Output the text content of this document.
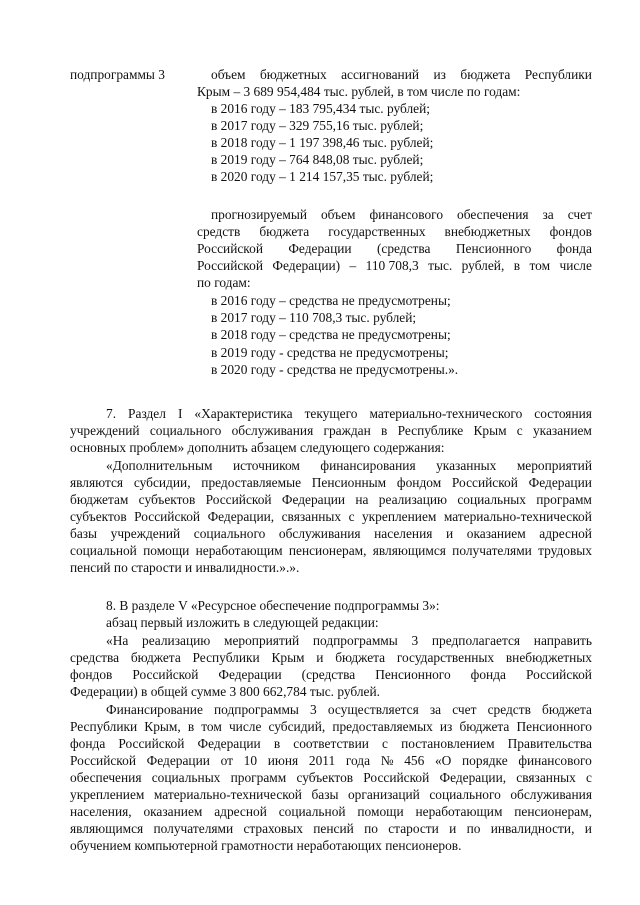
подпрограммы 3	объем бюджетных ассигнований из бюджета Республики

Крым – 3 689 954,484 тыс. рублей, в том числе по годам:

в 2016 году – 183 795,434 тыс. рублей;

в 2017 году – 329 755,16 тыс. рублей;

в 2018 году – 1 197 398,46 тыс. рублей;

в 2019 году – 764 848,08 тыс. рублей;

в 2020 году – 1 214 157,35 тыс. рублей;

прогнозируемый объем финансового обеспечения за счет
средств бюджета государственных внебюджетных фондов
Российской Федерации (средства Пенсионного фонда
Российской Федерации) – 110 708,3 тыс. рублей, в том числе

по годам:

в 2016 году – средства не предусмотрены;

в 2017 году – 110 708,3 тыс. рублей;

в 2018 году – средства не предусмотрены;

в 2019 году - средства не предусмотрены;

в 2020 году - средства не предусмотрены.».

7. Раздел I «Характеристика текущего материально-технического состояния
учреждений социального обслуживания граждан в Республике Крым с указанием

основных проблем» дополнить абзацем следующего содержания:

«Дополнительным источником финансирования указанных мероприятий
являются субсидии, предоставляемые Пенсионным фондом Российской Федерации
бюджетам субъектов Российской Федерации на реализацию социальных программ
субъектов Российской Федерации, связанных с укреплением материально-технической
базы учреждений социального обслуживания населения и оказанием адресной
социальной помощи неработающим пенсионерам, являющимся получателями трудовых

пенсий по старости и инвалидности.».».

8. В разделе V «Ресурсное обеспечение подпрограммы 3»:

абзац первый изложить в следующей редакции:

«На реализацию мероприятий подпрограммы 3 предполагается направить
средства бюджета Республики Крым и бюджета государственных внебюджетных
фондов Российской Федерации (средства Пенсионного фонда Российской

Федерации) в общей сумме 3 800 662,784 тыс. рублей.

Финансирование подпрограммы 3 осуществляется за счет средств бюджета
Республики Крым, в том числе субсидий, предоставляемых из бюджета Пенсионного
фонда Российской Федерации в соответствии с постановлением Правительства
Российской Федерации от 10 июня 2011 года № 456 «О порядке финансового
обеспечения социальных программ субъектов Российской Федерации, связанных с
укреплением материально-технической базы организаций социального обслуживания
населения, оказанием адресной социальной помощи неработающим пенсионерам,
являющимся получателями страховых пенсий по старости и по инвалидности, и

обучением компьютерной грамотности неработающих пенсионеров.
